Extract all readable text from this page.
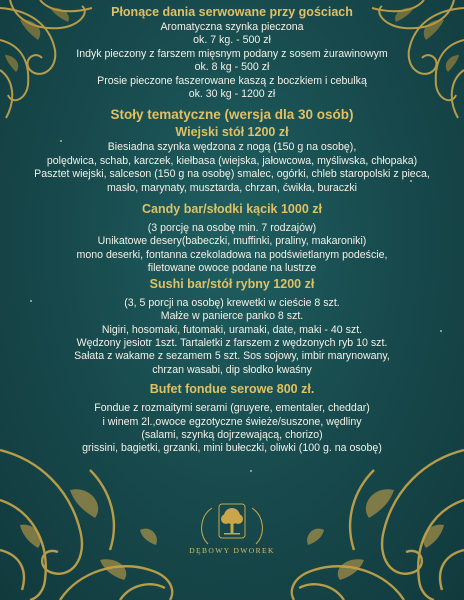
Płonące dania serwowane przy gościach

Aromatyczna szynka pieczona

ok. 7 kg. - 500 zł

Indyk pieczony z farszem mięsnym podany z sosem żurawinowym

ok. 8 kg - 500 zł

Prosie pieczone faszerowane kaszą z boczkiem i cebulką

ok. 30 kg - 1200 zł

Stoły tematyczne (wersja dla 30 osób)

Wiejski stół 1200 zł

Biesiadna szynka wędzona z nogą (150 g na osobę),

polędwica, schab, karczek, kiełbasa (wiejska, jałowcowa, myśliwska, chłopaka)

Pasztet wiejski, salceson (150 g na osobę) smalec, ogórki, chleb staropolski z pieca,

masło, marynaty, musztarda, chrzan, ćwikła, buraczki

Candy bar/słodki kącik 1000 zł

(3 porcję na osobę min. 7 rodzajów)

Unikatowe desery(babeczki, muffinki, praliny, makaroniki)

mono deserki, fontanna czekoladowa na podświetlanym podeście,

filetowane owoce podane na lustrze

Sushi bar/stół rybny 1200 zł

(3, 5 porcji na osobę) krewetki w cieście 8 szt.

Małże w panierce panko 8 szt.

Nigiri, hosomaki, futomaki, uramaki, date, maki - 40 szt.

Wędzony jesiotr 1szt. Tartaletki z farszem z wędzonych ryb 10 szt.

Sałata z wakame z sezamem 5 szt. Sos sojowy, imbir marynowany,

chrzan wasabi, dip słodko kwaśny

Bufet fondue serowe 800 zł.

Fondue z rozmaitymi serami (gruyere, ementaler, cheddar)

i winem 2l.,owoce egzotyczne świeże/suszone, wędliny

(salami, szynką dojrzewającą, chorizo)

grissini, bagietki, grzanki, mini bułeczki, oliwki (100 g. na osobę)

DĘBOWY DWOREK
